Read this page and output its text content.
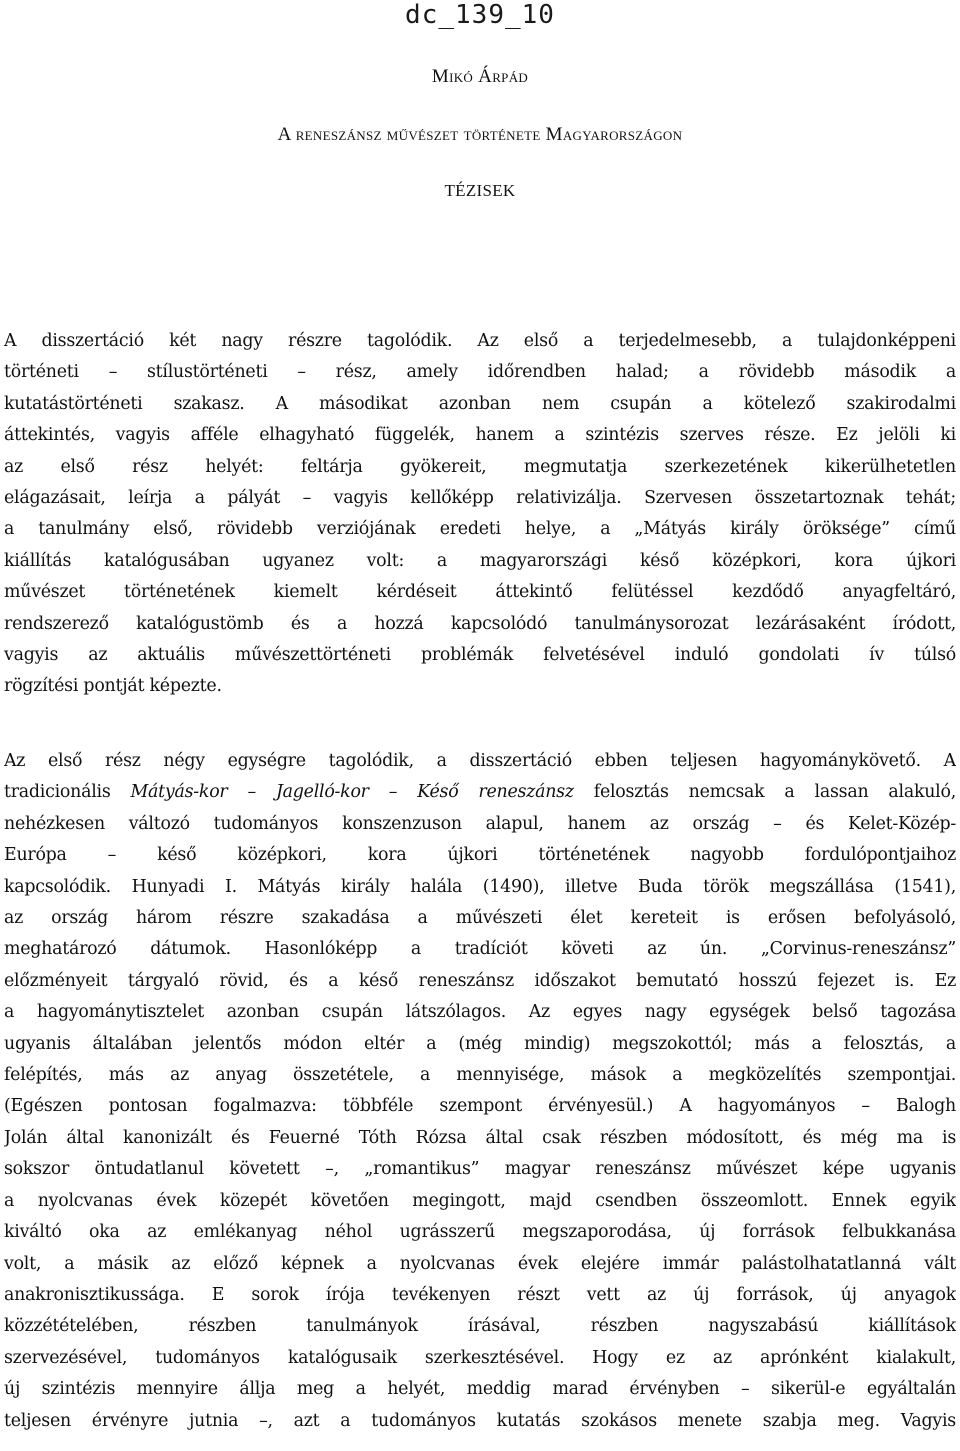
dc_139_10
Mikó Árpád
A reneszánsz művészet története Magyarországon
TÉZISEK
A disszertáció két nagy részre tagolódik. Az első a terjedelmesebb, a tulajdonképpeni
történeti – stílustörténeti – rész, amely időrendben halad; a rövidebb második a
kutatástörténeti szakasz. A másodikat azonban nem csupán a kötelező szakirodalmi
áttekintés, vagyis afféle elhagyható függelék, hanem a szintézis szerves része. Ez jelöli ki
az első rész helyét: feltárja gyökereit, megmutatja szerkezetének kikerülhetetlen
elágazásait, leírja a pályát – vagyis kellőképp relativizálja. Szervesen összetartoznak tehát;
a tanulmány első, rövidebb verziójának eredeti helye, a „Mátyás király öröksége” című
kiállítás katalógusában ugyanez volt: a magyarországi késő középkori, kora újkori
művészet történetének kiemelt kérdéseit áttekintő felütéssel kezdődő anyagfeltáró,
rendszerező katalógustömb és a hozzá kapcsolódó tanulmánysorozat lezárásaként íródott,
vagyis az aktuális művészettörténeti problémák felvetésével induló gondolati ív túlsó
rögzítési pontját képezte.
Az első rész négy egységre tagolódik, a disszertáció ebben teljesen hagyománykövető. A
tradicionális Mátyás-kor – Jagelló-kor – Késő reneszánsz felosztás nemcsak a lassan alakuló,
nehézkesen változó tudományos konszenzuson alapul, hanem az ország – és Kelet-Közép-
Európa – késő középkori, kora újkori történetének nagyobb fordulópontjaihoz
kapcsolódik. Hunyadi I. Mátyás király halála (1490), illetve Buda török megszállása (1541),
az ország három részre szakadása a művészeti élet kereteit is erősen befolyásoló,
meghatározó dátumok. Hasonlóképp a tradíciót követi az ún. „Corvinus-reneszánsz”
előzményeit tárgyaló rövid, és a késő reneszánsz időszakot bemutató hosszú fejezet is. Ez
a hagyománytisztelet azonban csupán látszólagos. Az egyes nagy egységek belső tagozása
ugyanis általában jelentős módon eltér a (még mindig) megszokottól; más a felosztás, a
felépítés, más az anyag összetétele, a mennyisége, mások a megközelítés szempontjai.
(Egészen pontosan fogalmazva: többféle szempont érvényesül.) A hagyományos – Balogh
Jolán által kanonizált és Feuerné Tóth Rózsa által csak részben módosított, és még ma is
sokszor öntudatlanul követett –, „romantikus” magyar reneszánsz művészet képe ugyanis
a nyolcvanas évek közepét követően megingott, majd csendben összeomlott. Ennek egyik
kiváltó oka az emlékanyag néhol ugrásszerű megszaporodása, új források felbukkanása
volt, a másik az előző képnek a nyolcvanas évek elejére immár palástolhatatlanná vált
anakronisztikussága. E sorok írója tevékenyen részt vett az új források, új anyagok
közzétételében, részben tanulmányok írásával, részben nagyszabású kiállítások
szervezésével, tudományos katalógusaik szerkesztésével. Hogy ez az aprónként kialakult,
új szintézis mennyire állja meg a helyét, meddig marad érvényben – sikerül-e egyáltalán
teljesen érvényre jutnia –, azt a tudományos kutatás szokásos menete szabja meg. Vagyis
